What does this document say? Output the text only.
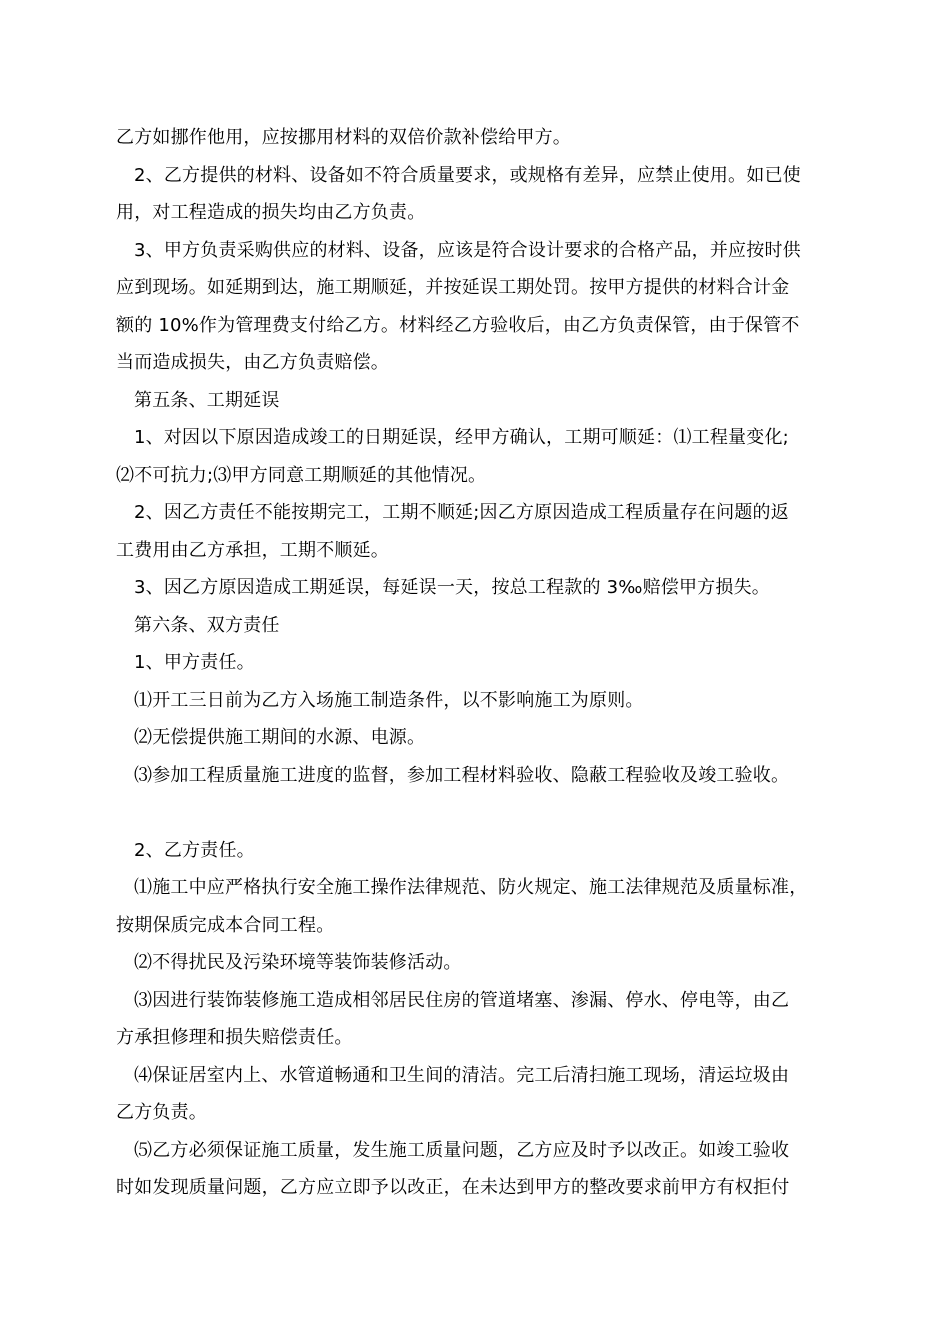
乙方如挪作他用，应按挪用材料的双倍价款补偿给甲方。
2、乙方提供的材料、设备如不符合质量要求，或规格有差异，应禁止使用。如已使
用，对工程造成的损失均由乙方负责。
3、甲方负责采购供应的材料、设备，应该是符合设计要求的合格产品，并应按时供
应到现场。如延期到达，施工期顺延，并按延误工期处罚。按甲方提供的材料合计金
额的 10%作为管理费支付给乙方。材料经乙方验收后，由乙方负责保管，由于保管不
当而造成损失，由乙方负责赔偿。
第五条、工期延误
1、对因以下原因造成竣工的日期延误，经甲方确认，工期可顺延：⑴工程量变化;
⑵不可抗力;⑶甲方同意工期顺延的其他情况。
2、因乙方责任不能按期完工，工期不顺延;因乙方原因造成工程质量存在问题的返
工费用由乙方承担，工期不顺延。
3、因乙方原因造成工期延误，每延误一天，按总工程款的 3‰赔偿甲方损失。
第六条、双方责任
1、甲方责任。
⑴开工三日前为乙方入场施工制造条件，以不影响施工为原则。
⑵无偿提供施工期间的水源、电源。
⑶参加工程质量施工进度的监督，参加工程材料验收、隐蔽工程验收及竣工验收。
2、乙方责任。
⑴施工中应严格执行安全施工操作法律规范、防火规定、施工法律规范及质量标准，
按期保质完成本合同工程。
⑵不得扰民及污染环境等装饰装修活动。
⑶因进行装饰装修施工造成相邻居民住房的管道堵塞、渗漏、停水、停电等，由乙
方承担修理和损失赔偿责任。
⑷保证居室内上、水管道畅通和卫生间的清洁。完工后清扫施工现场，清运垃圾由
乙方负责。
⑸乙方必须保证施工质量，发生施工质量问题，乙方应及时予以改正。如竣工验收
时如发现质量问题，乙方应立即予以改正，在未达到甲方的整改要求前甲方有权拒付
